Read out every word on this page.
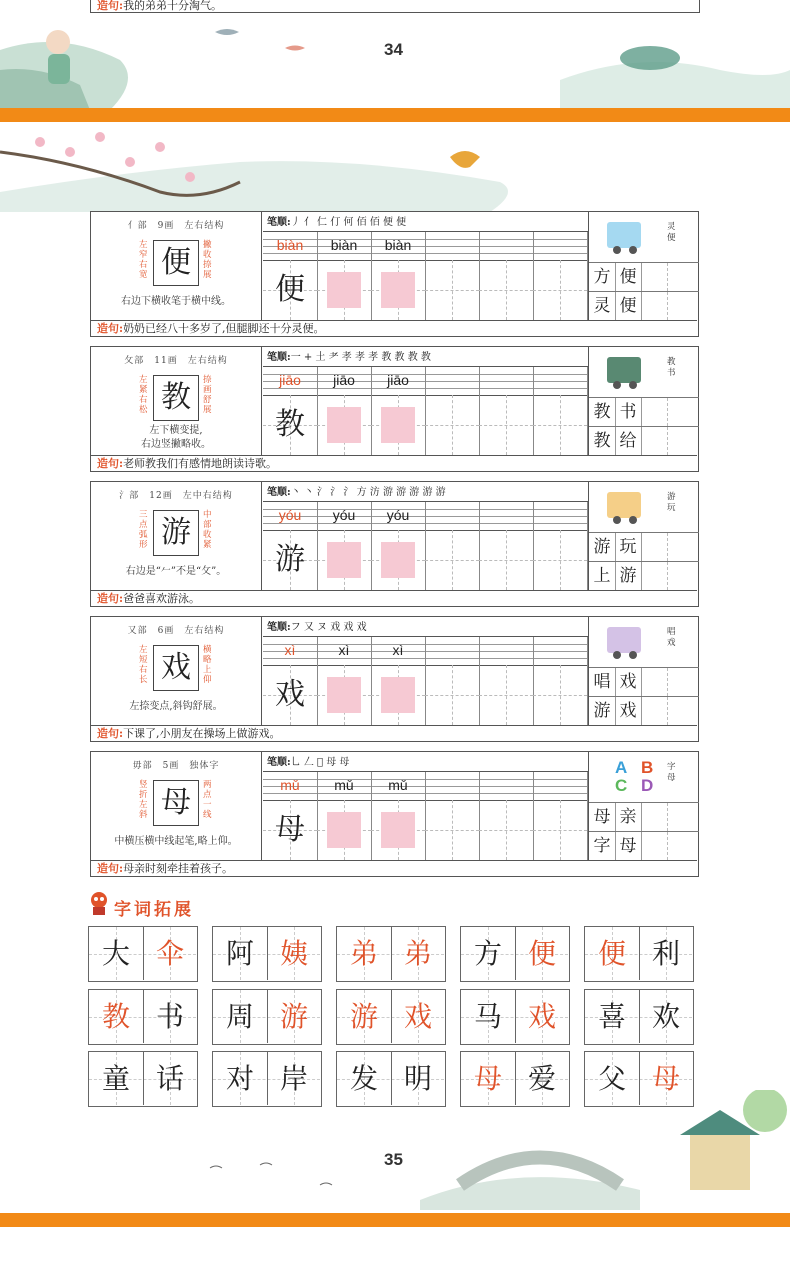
造句:我的弟弟十分淘气。
34
亻部　9画　左右结构
左窄右宽 便	撇收捺展
右边下横收笔于横中线。
笔顺:丿 亻 仁 仃 何 佰 佰 便 便
biàn	biàn	biàn
便
灵便
方 便
灵 便
造句:奶奶已经八十多岁了,但腿脚还十分灵便。
攵部　11画　左右结构
左紧右松 教	捺画舒展
左下横变提,
右边竖撇略收。
笔顺:一 + 土 耂 孝 孝 孝 教 教 教 教
jiāo	jiāo	jiāo
教
教书
教 书
教 给
造句:老师教我们有感情地朗读诗歌。
氵部　12画　左中右结构
三点弧形 游	中部收紧
右边是“𠂉”不是“攵”。
笔顺:丶 丶 氵 氵 氵 方 汸 游 游 游 游 游
yóu	yóu	yóu
游
游玩
游 玩
上 游
造句:爸爸喜欢游泳。
又部　6画　左右结构
左短右长 戏	横略上仰
左捺变点,斜钩舒展。
笔顺:フ 又 ヌ 戏 戏 戏
xì	xì	xì
戏
唱戏
唱 戏
游 戏
造句:下课了,小朋友在操场上做游戏。
毋部　5画　独体字
竖折左斜 母	两点一线
中横压横中线起笔,略上仰。
笔顺:乚 𠃋 𠄐 母 母
mǔ	mǔ	mǔ
母
A B
C D
字母
母 亲
字 母
造句:母亲时刻牵挂着孩子。
字词拓展
大 伞	阿 姨	弟 弟	方 便	便 利
教 书	周 游	游 戏	马 戏	喜 欢
童 话	对 岸	发 明	母 爱	父 母
35
